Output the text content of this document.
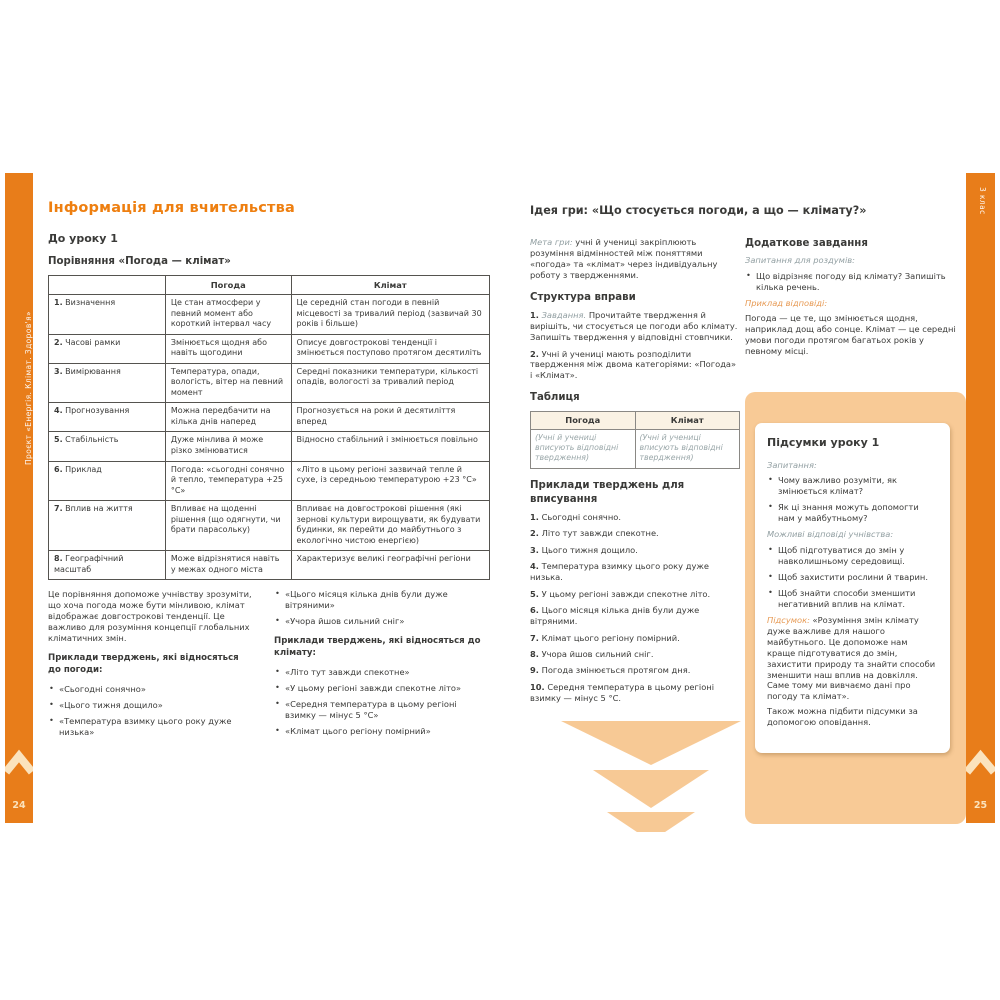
Проєкт «Енергія. Клімат. Здоров'я»
24
3 клас
25
Інформація для вчительства
До уроку 1
Порівняння «Погода — клімат»
	Погода	Клімат
1. Визначення	Це стан атмосфери у певний момент або короткий інтервал часу	Це середній стан погоди в певній місцевості за тривалий період (зазвичай 30 років і більше)
2. Часові рамки	Змінюється щодня або навіть щогодини	Описує довгострокові тенденції і змінюється поступово протягом десятиліть
3. Вимірювання	Температура, опади, вологість, вітер на певний момент	Середні показники температури, кількості опадів, вологості за тривалий період
4. Прогнозування	Можна передбачити на кілька днів наперед	Прогнозується на роки й десятиліття вперед
5. Стабільність	Дуже мінлива й може різко змінюватися	Відносно стабільний і змінюється повільно
6. Приклад	Погода: «сьогодні сонячно й тепло, температура +25 °С»	«Літо в цьому регіоні зазвичай тепле й сухе, із середньою температурою +23 °С»
7. Вплив на життя	Впливає на щоденні рішення (що одягнути, чи брати парасольку)	Впливає на довгострокові рішення (які зернові культури вирощувати, як будувати будинки, як перейти до майбутнього з екологічно чистою енергією)
8. Географічний масштаб	Може відрізнятися навіть у межах одного міста	Характеризує великі географічні регіони

Це порівняння допоможе учнівству зрозуміти, що хоча погода може бути мінливою, клімат відображає довгострокові тенденції. Це важливо для розуміння концепції глобальних кліматичних змін.

Приклади тверджень, які відносяться до погоди:
• «Сьогодні сонячно»
• «Цього тижня дощило»
• «Температура взимку цього року дуже низька»
• «Цього місяця кілька днів були дуже вітряними»
• «Учора йшов сильний сніг»
Приклади тверджень, які відносяться до клімату:
• «Літо тут завжди спекотне»
• «У цьому регіоні завжди спекотне літо»
• «Середня температура в цьому регіоні взимку — мінус 5 °С»
• «Клімат цього регіону помірний»
Ідея гри: «Що стосується погоди, а що — клімату?»

Мета гри: учні й учениці закріплюють розуміння відмінностей між поняттями «погода» та «клімат» через індивідуальну роботу з твердженнями.

Структура вправи

1. Завдання. Прочитайте твердження й вирішіть, чи стосується це погоди або клімату. Запишіть твердження у відповідні стовпчики.

2. Учні й учениці мають розподілити твердження між двома категоріями: «Погода» і «Клімат».

Таблиця
Погода	Клімат
(Учні й учениці вписують відповідні твердження)	(Учні й учениці вписують відповідні твердження)
Приклади тверджень для вписування

1. Сьогодні сонячно.

2. Літо тут завжди спекотне.

3. Цього тижня дощило.

4. Температура взимку цього року дуже низька.

5. У цьому регіоні завжди спекотне літо.

6. Цього місяця кілька днів були дуже вітряними.

7. Клімат цього регіону помірний.

8. Учора йшов сильний сніг.

9. Погода змінюється протягом дня.

10. Середня температура в цьому регіоні взимку — мінус 5 °С.

Додаткове завдання

Запитання для роздумів:

• Що відрізняє погоду від клімату? Запишіть кілька речень.

Приклад відповіді:

Погода — це те, що змінюється щодня, наприклад дощ або сонце. Клімат — це середні умови погоди протягом багатьох років у певному місці.

Підсумки уроку 1

Запитання:

• Чому важливо розуміти, як змінюється клімат?
• Як ці знання можуть допомогти нам у майбутньому?

Можливі відповіді учнівства:

• Щоб підготуватися до змін у навколишньому середовищі.
• Щоб захистити рослини й тварин.
• Щоб знайти способи зменшити негативний вплив на клімат.

Підсумок: «Розуміння змін клімату дуже важливе для нашого майбутнього. Це допоможе нам краще підготуватися до змін, захистити природу та знайти способи зменшити наш вплив на довкілля. Саме тому ми вивчаємо дані про погоду та клімат».

Також можна підбити підсумки за допомогою оповідання.
